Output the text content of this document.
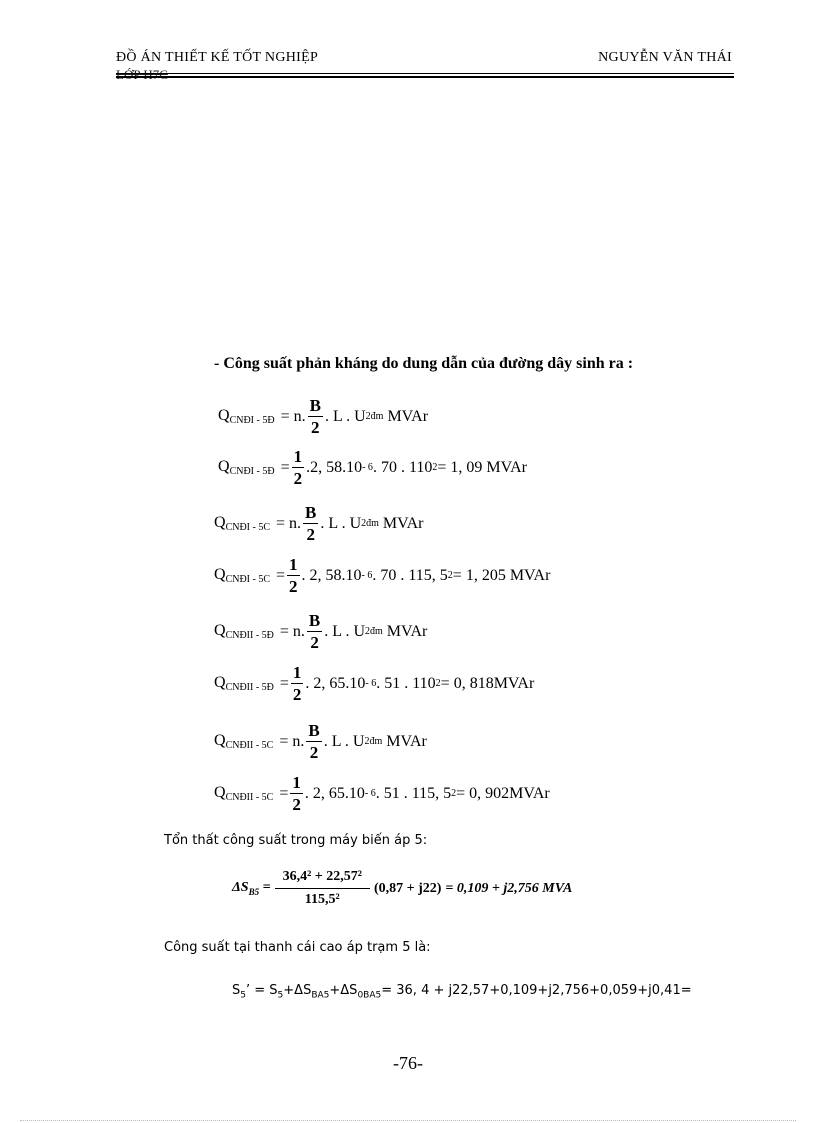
ĐỒ ÁN THIẾT KẾ TỐT NGHIỆP	NGUYỄN VĂN THÁI
LỚP H7C
- Công suất phản kháng do dung dẫn của đường dây sinh ra :
$Q_{CNĐI - 5Đ} = n$. $\frac{B}{2}$ . L . U 2 đm MVAr
$Q_{CNĐI - 5Đ} = \frac{1}{2} .2$, 58.10 - 6 . 70 . 110 2 = 1, 09 MVAr
$Q_{CNĐI - 5C} = n$. $\frac{B}{2}$ . L . U 2 đm MVAr
$Q_{CNĐI - 5C} = \frac{1}{2}$ . 2, 58.10 - 6 . 70 . 115, 5 2 = 1, 205 MVAr
$Q_{CNĐII - 5Đ} = n$. $\frac{B}{2}$ . L . U 2 đm MVAr
$Q_{CNĐII - 5Đ} = \frac{1}{2}$ . 2, 65.10 - 6 . 51 . 110 2 = 0, 818MVAr
$Q_{CNĐII - 5C} = n$. $\frac{B}{2}$ . L . U 2 đm MVAr
$Q_{CNĐII - 5C} = \frac{1}{2}$ . 2, 65.10 - 6 . 51 . 115, 5 2 = 0, 902MVAr
Tổn thất công suất trong máy biến áp 5:
$\Delta S_{B5} = \frac{\text{36,4² + 22,57²}}{\text{115,5²}} (0,87 + j22) = 0,109 + j2,756$ MVA
Công suất tại thanh cái cao áp trạm 5 là:
$S_5$’ = $S_5+\Delta S_{BA5}+\Delta S_{0BA5}= 36$, 4 + j22,57+0,109+j2,756+0,059+j0,41=
-76-
